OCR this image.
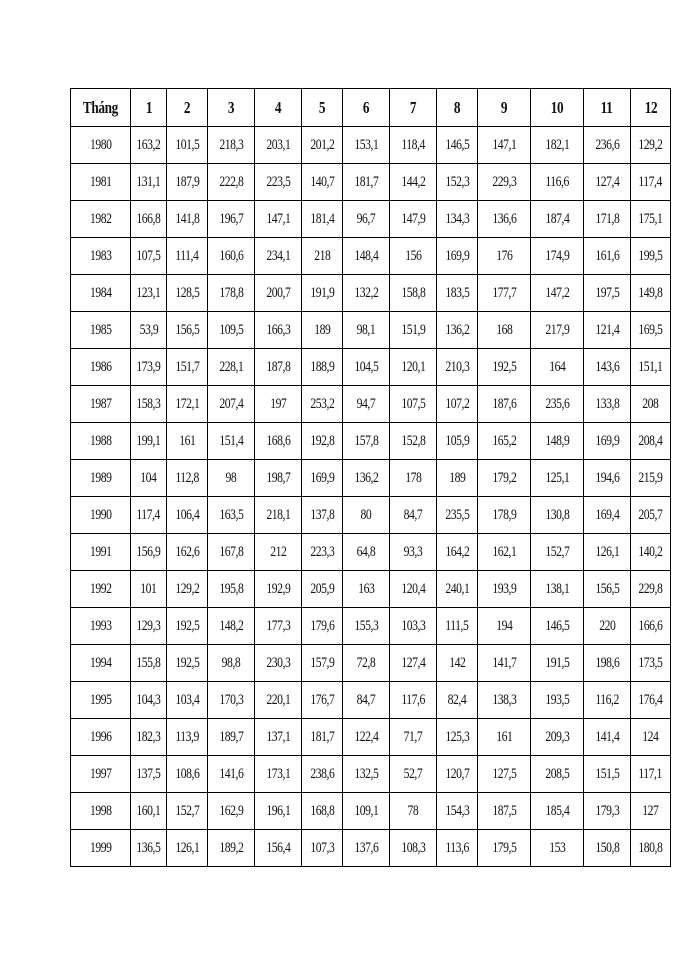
Tháng	1	2	3	4	5	6	7	8	9	10	11	12
1980	163,2	101,5	218,3	203,1	201,2	153,1	118,4	146,5	147,1	182,1	236,6	129,2
1981	131,1	187,9	222,8	223,5	140,7	181,7	144,2	152,3	229,3	116,6	127,4	117,4
1982	166,8	141,8	196,7	147,1	181,4	96,7	147,9	134,3	136,6	187,4	171,8	175,1
1983	107,5	111,4	160,6	234,1	218	148,4	156	169,9	176	174,9	161,6	199,5
1984	123,1	128,5	178,8	200,7	191,9	132,2	158,8	183,5	177,7	147,2	197,5	149,8
1985	53,9	156,5	109,5	166,3	189	98,1	151,9	136,2	168	217,9	121,4	169,5
1986	173,9	151,7	228,1	187,8	188,9	104,5	120,1	210,3	192,5	164	143,6	151,1
1987	158,3	172,1	207,4	197	253,2	94,7	107,5	107,2	187,6	235,6	133,8	208
1988	199,1	161	151,4	168,6	192,8	157,8	152,8	105,9	165,2	148,9	169,9	208,4
1989	104	112,8	98	198,7	169,9	136,2	178	189	179,2	125,1	194,6	215,9
1990	117,4	106,4	163,5	218,1	137,8	80	84,7	235,5	178,9	130,8	169,4	205,7
1991	156,9	162,6	167,8	212	223,3	64,8	93,3	164,2	162,1	152,7	126,1	140,2
1992	101	129,2	195,8	192,9	205,9	163	120,4	240,1	193,9	138,1	156,5	229,8
1993	129,3	192,5	148,2	177,3	179,6	155,3	103,3	111,5	194	146,5	220	166,6
1994	155,8	192,5	98,8	230,3	157,9	72,8	127,4	142	141,7	191,5	198,6	173,5
1995	104,3	103,4	170,3	220,1	176,7	84,7	117,6	82,4	138,3	193,5	116,2	176,4
1996	182,3	113,9	189,7	137,1	181,7	122,4	71,7	125,3	161	209,3	141,4	124
1997	137,5	108,6	141,6	173,1	238,6	132,5	52,7	120,7	127,5	208,5	151,5	117,1
1998	160,1	152,7	162,9	196,1	168,8	109,1	78	154,3	187,5	185,4	179,3	127
1999	136,5	126,1	189,2	156,4	107,3	137,6	108,3	113,6	179,5	153	150,8	180,8
